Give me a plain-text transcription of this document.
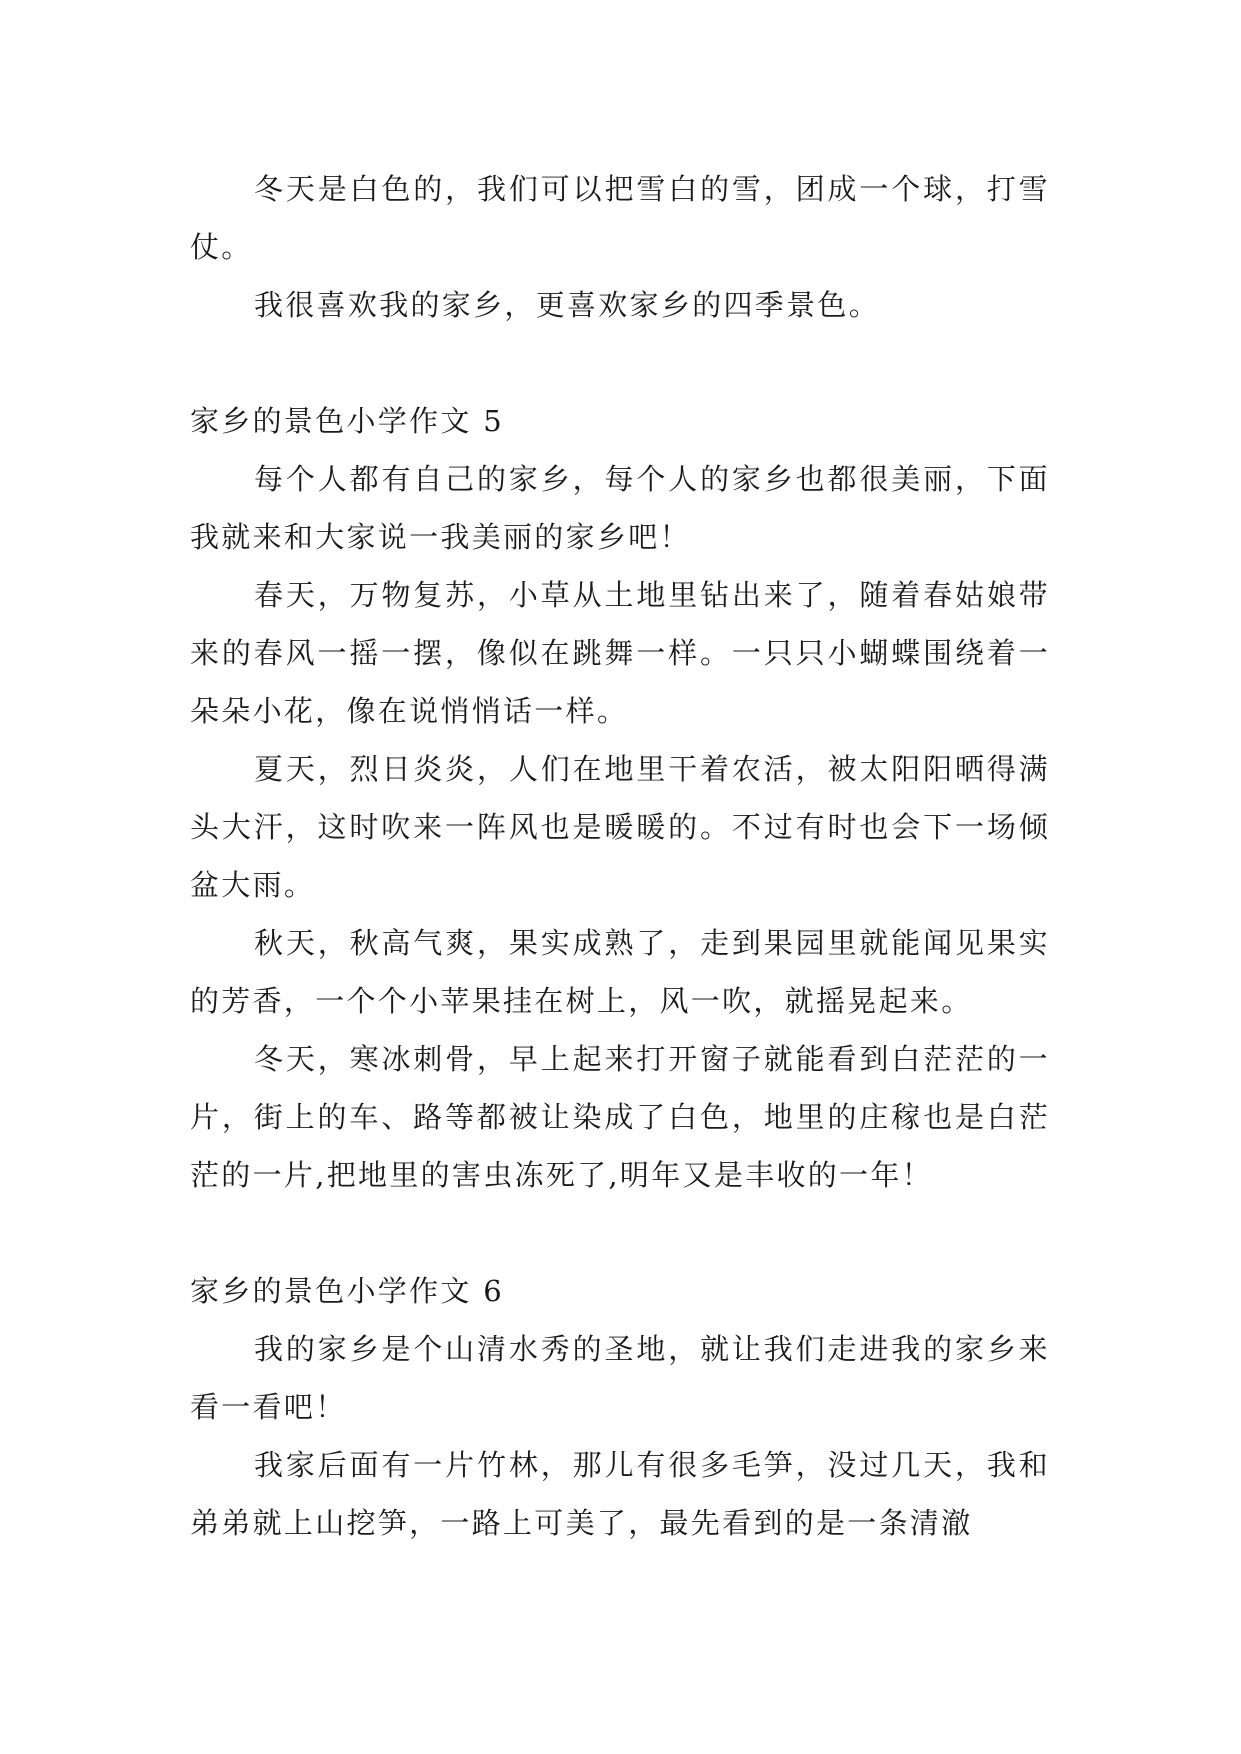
冬天是白色的，我们可以把雪白的雪，团成一个球，打雪仗。

我很喜欢我的家乡，更喜欢家乡的四季景色。

家乡的景色小学作文 5

每个人都有自己的家乡，每个人的家乡也都很美丽，下面我就来和大家说一我美丽的家乡吧！

春天，万物复苏，小草从土地里钻出来了，随着春姑娘带来的春风一摇一摆，像似在跳舞一样。一只只小蝴蝶围绕着一朵朵小花，像在说悄悄话一样。

夏天，烈日炎炎，人们在地里干着农活，被太阳阳晒得满头大汗，这时吹来一阵风也是暖暖的。不过有时也会下一场倾盆大雨。

秋天，秋高气爽，果实成熟了，走到果园里就能闻见果实的芳香，一个个小苹果挂在树上，风一吹，就摇晃起来。

冬天，寒冰刺骨，早上起来打开窗子就能看到白茫茫的一片，街上的车、路等都被让染成了白色，地里的庄稼也是白茫茫的一片,把地里的害虫冻死了,明年又是丰收的一年！

家乡的景色小学作文 6

我的家乡是个山清水秀的圣地，就让我们走进我的家乡来看一看吧！

我家后面有一片竹林，那儿有很多毛笋，没过几天，我和弟弟就上山挖笋，一路上可美了，最先看到的是一条清澈
